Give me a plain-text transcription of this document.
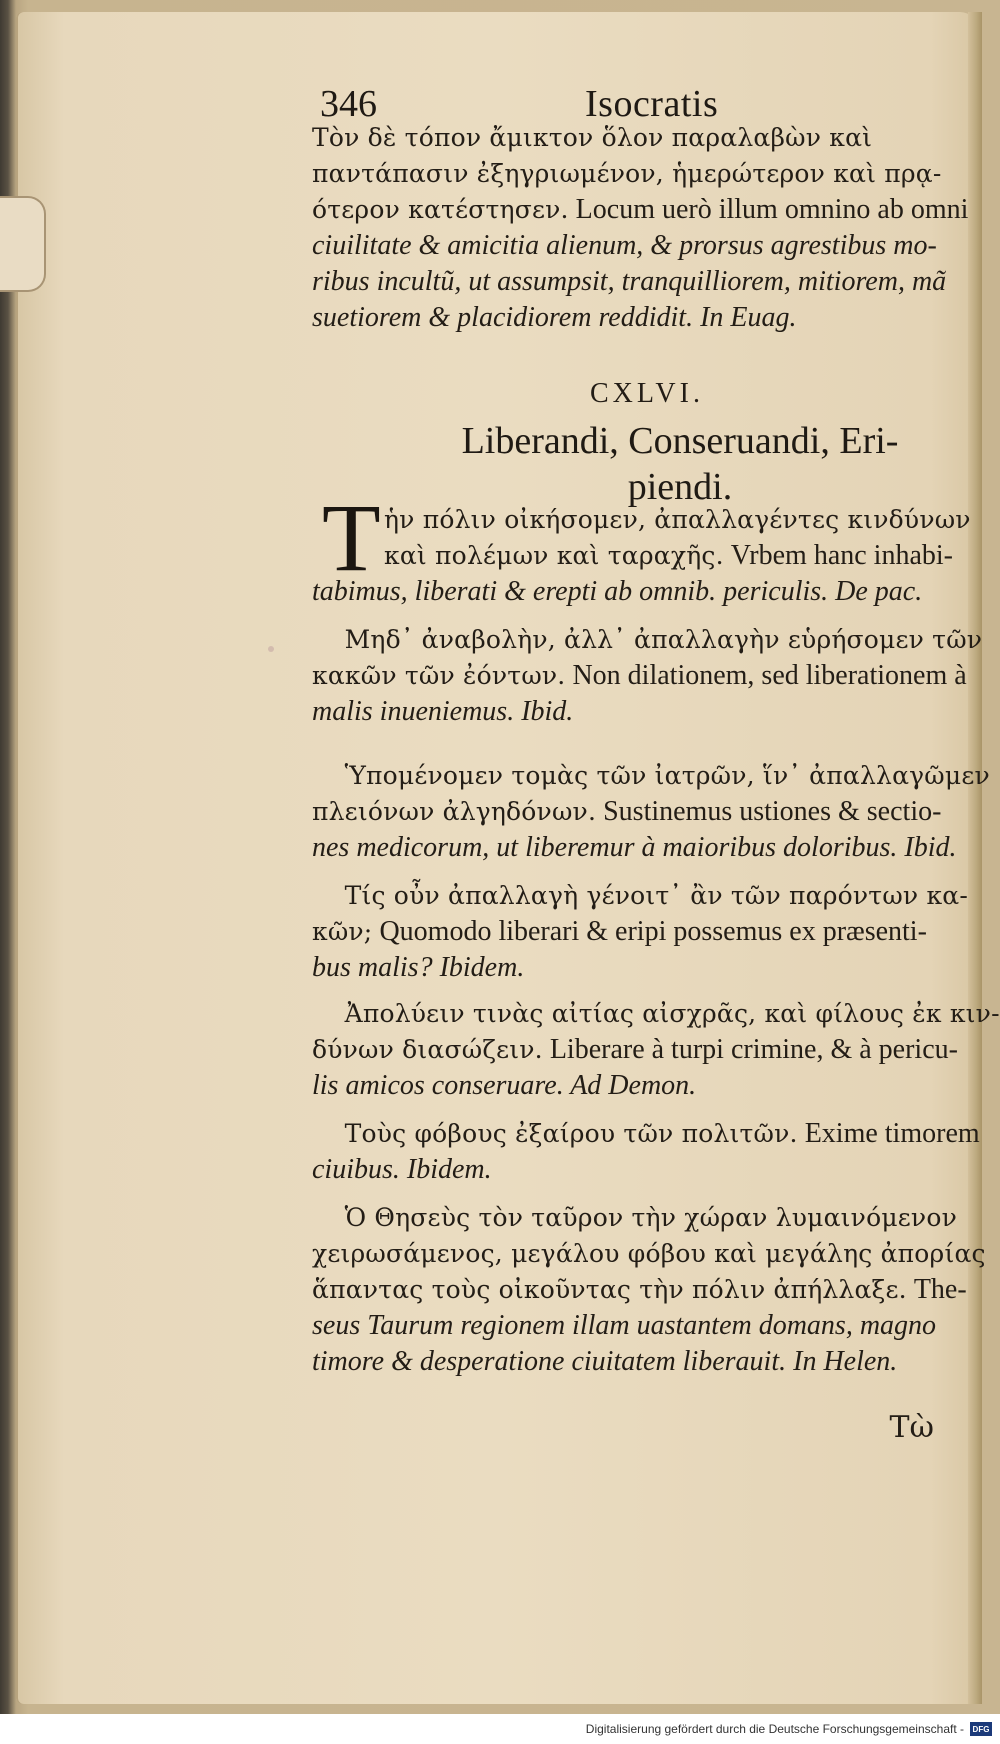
346	Isocratis
Τὸν δὲ τόπον ἄμικτον ὅλον παραλαβὼν καὶ
παντάπασιν ἐξηγριωμένον, ἡμερώτερον καὶ πρᾳ-
ότερον κατέστησεν. Locum uerò illum omnino ab omni
ciuilitate & amicitia alienum, & prorsus agrestibus mo-
ribus incultũ, ut assumpsit, tranquilliorem, mitiorem, mã
suetiorem & placidiorem reddidit. In Euag.
CXLVI.
Liberandi, Conseruandi, Eri-
piendi.
T ἡν πόλιν οἰκήσομεν, ἀπαλλαγέντες κινδύνων
καὶ πολέμων καὶ ταραχῆς. Vrbem hanc inhabi-
tabimus, liberati & erepti ab omnib. periculis. De pac.
Μηδ᾽ ἀναβολὴν, ἀλλ᾽ ἀπαλλαγὴν εὑρήσομεν τῶν
κακῶν τῶν ἐόντων. Non dilationem, sed liberationem à
malis inueniemus. Ibid.
Ὑπομένομεν τομὰς τῶν ἰατρῶν, ἵν᾽ ἀπαλλαγῶμεν
πλειόνων ἀλγηδόνων. Sustinemus ustiones & sectio-
nes medicorum, ut liberemur à maioribus doloribus. Ibid.
Τίς οὖν ἀπαλλαγὴ γένοιτ᾽ ἂν τῶν παρόντων κα-
κῶν; Quomodo liberari & eripi possemus ex præsenti-
bus malis? Ibidem.
Ἀπολύειν τινὰς αἰτίας αἰσχρᾶς, καὶ φίλους ἐκ κιν-
δύνων διασώζειν. Liberare à turpi crimine, & à pericu-
lis amicos conseruare. Ad Demon.
Τοὺς φόβους ἐξαίρου τῶν πολιτῶν. Exime timorem
ciuibus. Ibidem.
Ὁ Θησεὺς τὸν ταῦρον τὴν χώραν λυμαινόμενον
χειρωσάμενος, μεγάλου φόβου καὶ μεγάλης ἀπορίας
ἅπαντας τοὺς οἰκοῦντας τὴν πόλιν ἀπήλλαξε. The-
seus Taurum regionem illam uastantem domans, magno
timore & desperatione ciuitatem liberauit. In Helen.
Τὼ
Digitalisierung gefördert durch die Deutsche Forschungsgemeinschaft -	DFG
